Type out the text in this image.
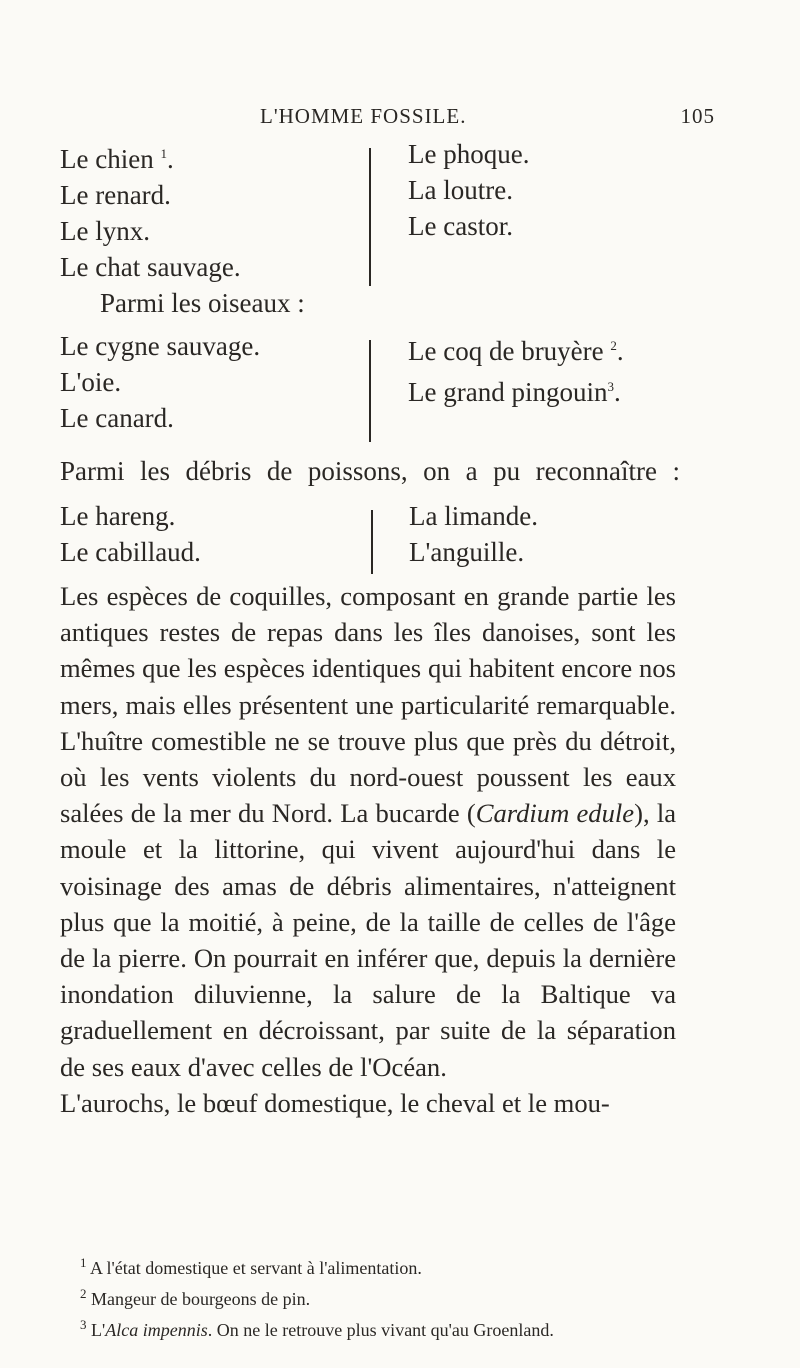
L'HOMME FOSSILE.	105
Le chien $^1$.
Le renard.
Le lynx.
Le chat sauvage.
Le phoque.
La loutre.
Le castor.
Parmi les oiseaux :
Le cygne sauvage.
L'oie.
Le canard.
Le coq de bruyère $^2$.
Le grand pingouin$^3$.
Parmi les débris de poissons, on a pu reconnaître :
Le hareng.
Le cabillaud.
La limande.
L'anguille.

Les espèces de coquilles, composant en grande partie les antiques restes de repas dans les îles danoises, sont les mêmes que les espèces identiques qui habitent encore nos mers, mais elles présentent une particularité remarquable. L'huître comestible ne se trouve plus que près du détroit, où les vents violents du nord-ouest poussent les eaux salées de la mer du Nord. La bucarde (Cardium edule), la moule et la littorine, qui vivent aujourd'hui dans le voisinage des amas de débris alimentaires, n'atteignent plus que la moitié, à peine, de la taille de celles de l'âge de la pierre. On pourrait en inférer que, depuis la dernière inondation diluvienne, la salure de la Baltique va graduellement en décroissant, par suite de la séparation de ses eaux d'avec celles de l'Océan.

L'aurochs, le bœuf domestique, le cheval et le mou-

$^1$ A l'état domestique et servant à l'alimentation.
$^2$ Mangeur de bourgeons de pin.
$^3$ L'Alca impennis. On ne le retrouve plus vivant qu'au Groenland.
